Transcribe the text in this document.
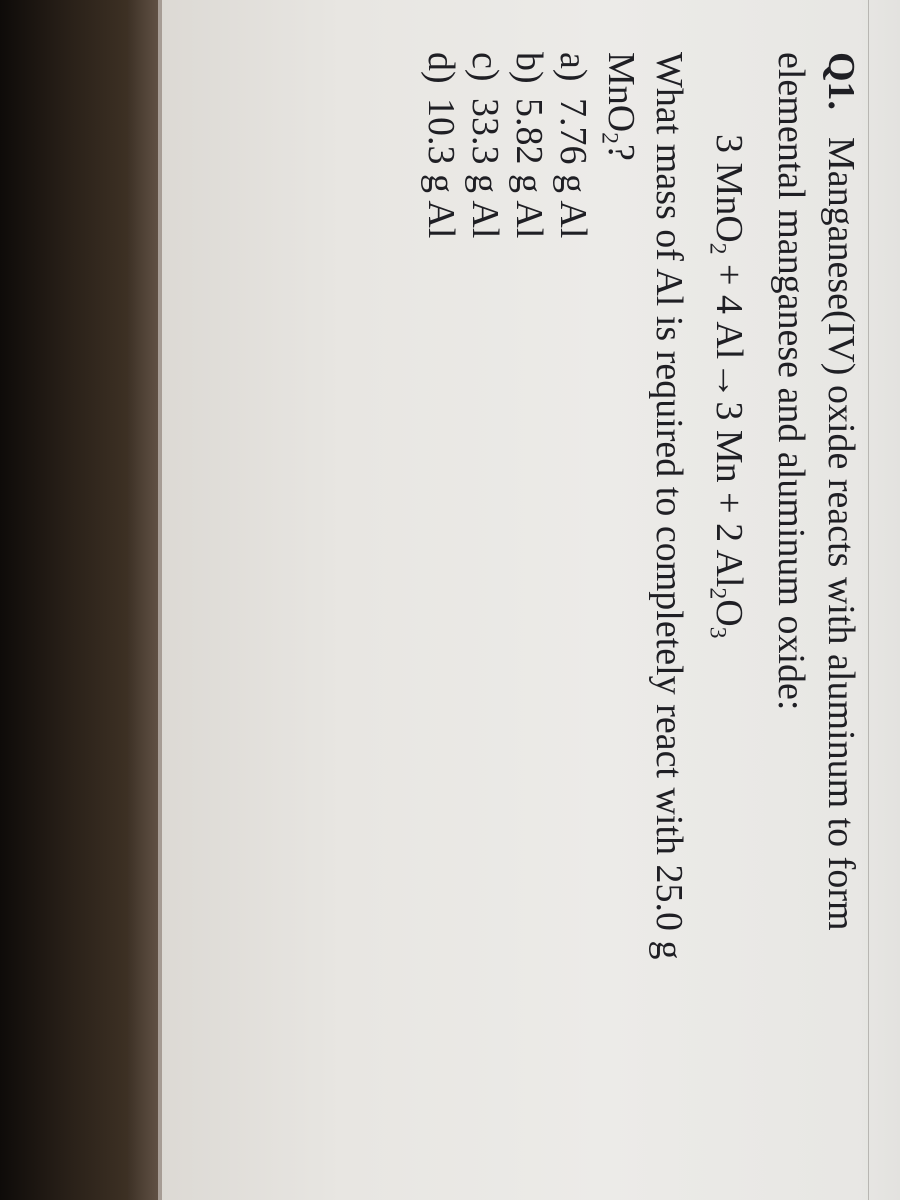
Q1.
Manganese(IV) oxide reacts with aluminum to form
elemental manganese and aluminum oxide:
3 MnO$_2$ + 4 Al→3 Mn + 2 $Al_2O_3$
What mass of Al is required to completely react with 25.0 g
MnO$_2$?
a)7.76 g Al
b)5.82 g Al
c)33.3 g Al
d)10.3 g Al
